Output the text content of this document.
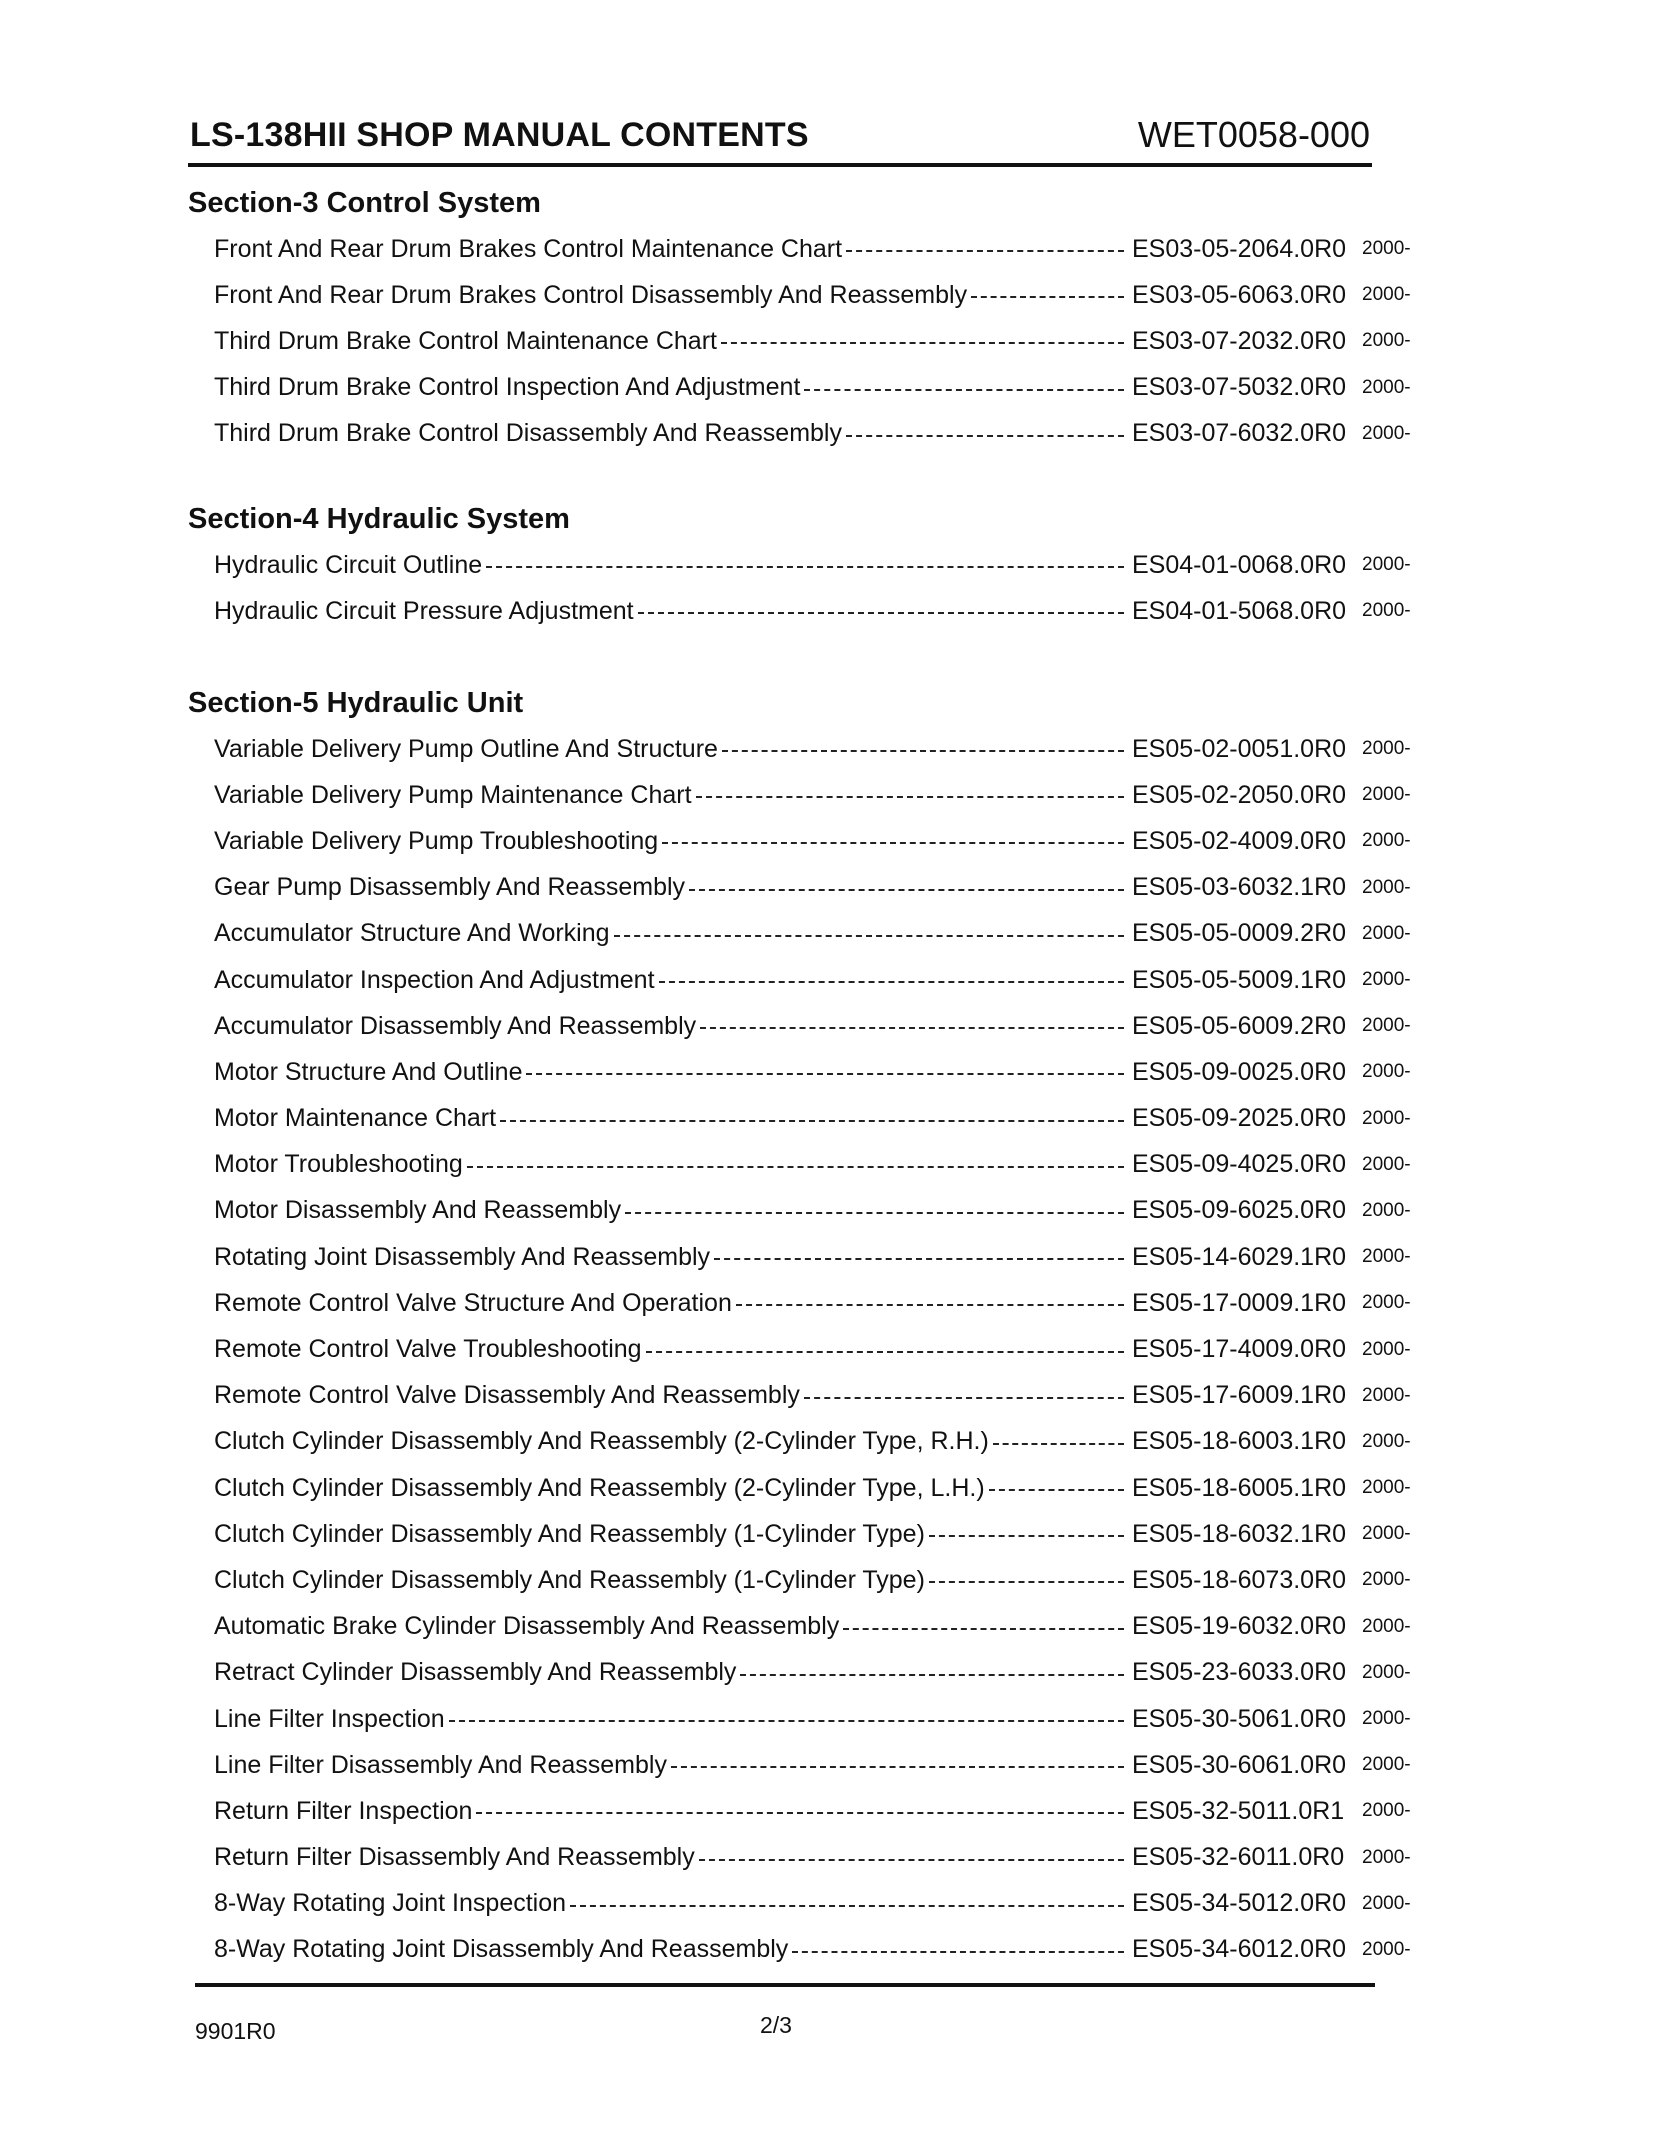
LS-138HII SHOP MANUAL CONTENTS	WET0058-000
Section-3 Control System
Front And Rear Drum Brakes Control Maintenance Chart	ES03-05-2064.0R0 2000-
Front And Rear Drum Brakes Control Disassembly And Reassembly	ES03-05-6063.0R0 2000-
Third Drum Brake Control Maintenance Chart	ES03-07-2032.0R0 2000-
Third Drum Brake Control Inspection And Adjustment	ES03-07-5032.0R0 2000-
Third Drum Brake Control Disassembly And Reassembly	ES03-07-6032.0R0 2000-
Section-4 Hydraulic System
Hydraulic Circuit Outline	ES04-01-0068.0R0 2000-
Hydraulic Circuit Pressure Adjustment	ES04-01-5068.0R0 2000-
Section-5 Hydraulic Unit
Variable Delivery Pump Outline And Structure	ES05-02-0051.0R0 2000-
Variable Delivery Pump Maintenance Chart	ES05-02-2050.0R0 2000-
Variable Delivery Pump Troubleshooting	ES05-02-4009.0R0 2000-
Gear Pump Disassembly And Reassembly	ES05-03-6032.1R0 2000-
Accumulator Structure And Working	ES05-05-0009.2R0 2000-
Accumulator Inspection And Adjustment	ES05-05-5009.1R0 2000-
Accumulator Disassembly And Reassembly	ES05-05-6009.2R0 2000-
Motor Structure And Outline	ES05-09-0025.0R0 2000-
Motor Maintenance Chart	ES05-09-2025.0R0 2000-
Motor Troubleshooting	ES05-09-4025.0R0 2000-
Motor Disassembly And Reassembly	ES05-09-6025.0R0 2000-
Rotating Joint Disassembly And Reassembly	ES05-14-6029.1R0 2000-
Remote Control Valve Structure And Operation	ES05-17-0009.1R0 2000-
Remote Control Valve Troubleshooting	ES05-17-4009.0R0 2000-
Remote Control Valve Disassembly And Reassembly	ES05-17-6009.1R0 2000-
Clutch Cylinder Disassembly And Reassembly (2-Cylinder Type, R.H.)	ES05-18-6003.1R0 2000-
Clutch Cylinder Disassembly And Reassembly (2-Cylinder Type, L.H.)	ES05-18-6005.1R0 2000-
Clutch Cylinder Disassembly And Reassembly (1-Cylinder Type)	ES05-18-6032.1R0 2000-
Clutch Cylinder Disassembly And Reassembly (1-Cylinder Type)	ES05-18-6073.0R0 2000-
Automatic Brake Cylinder Disassembly And Reassembly	ES05-19-6032.0R0 2000-
Retract Cylinder Disassembly And Reassembly	ES05-23-6033.0R0 2000-
Line Filter Inspection	ES05-30-5061.0R0 2000-
Line Filter Disassembly And Reassembly	ES05-30-6061.0R0 2000-
Return Filter Inspection	ES05-32-5011.0R1 2000-
Return Filter Disassembly And Reassembly	ES05-32-6011.0R0 2000-
8-Way Rotating Joint Inspection	ES05-34-5012.0R0 2000-
8-Way Rotating Joint Disassembly And Reassembly	ES05-34-6012.0R0 2000-
9901R0	2/3
